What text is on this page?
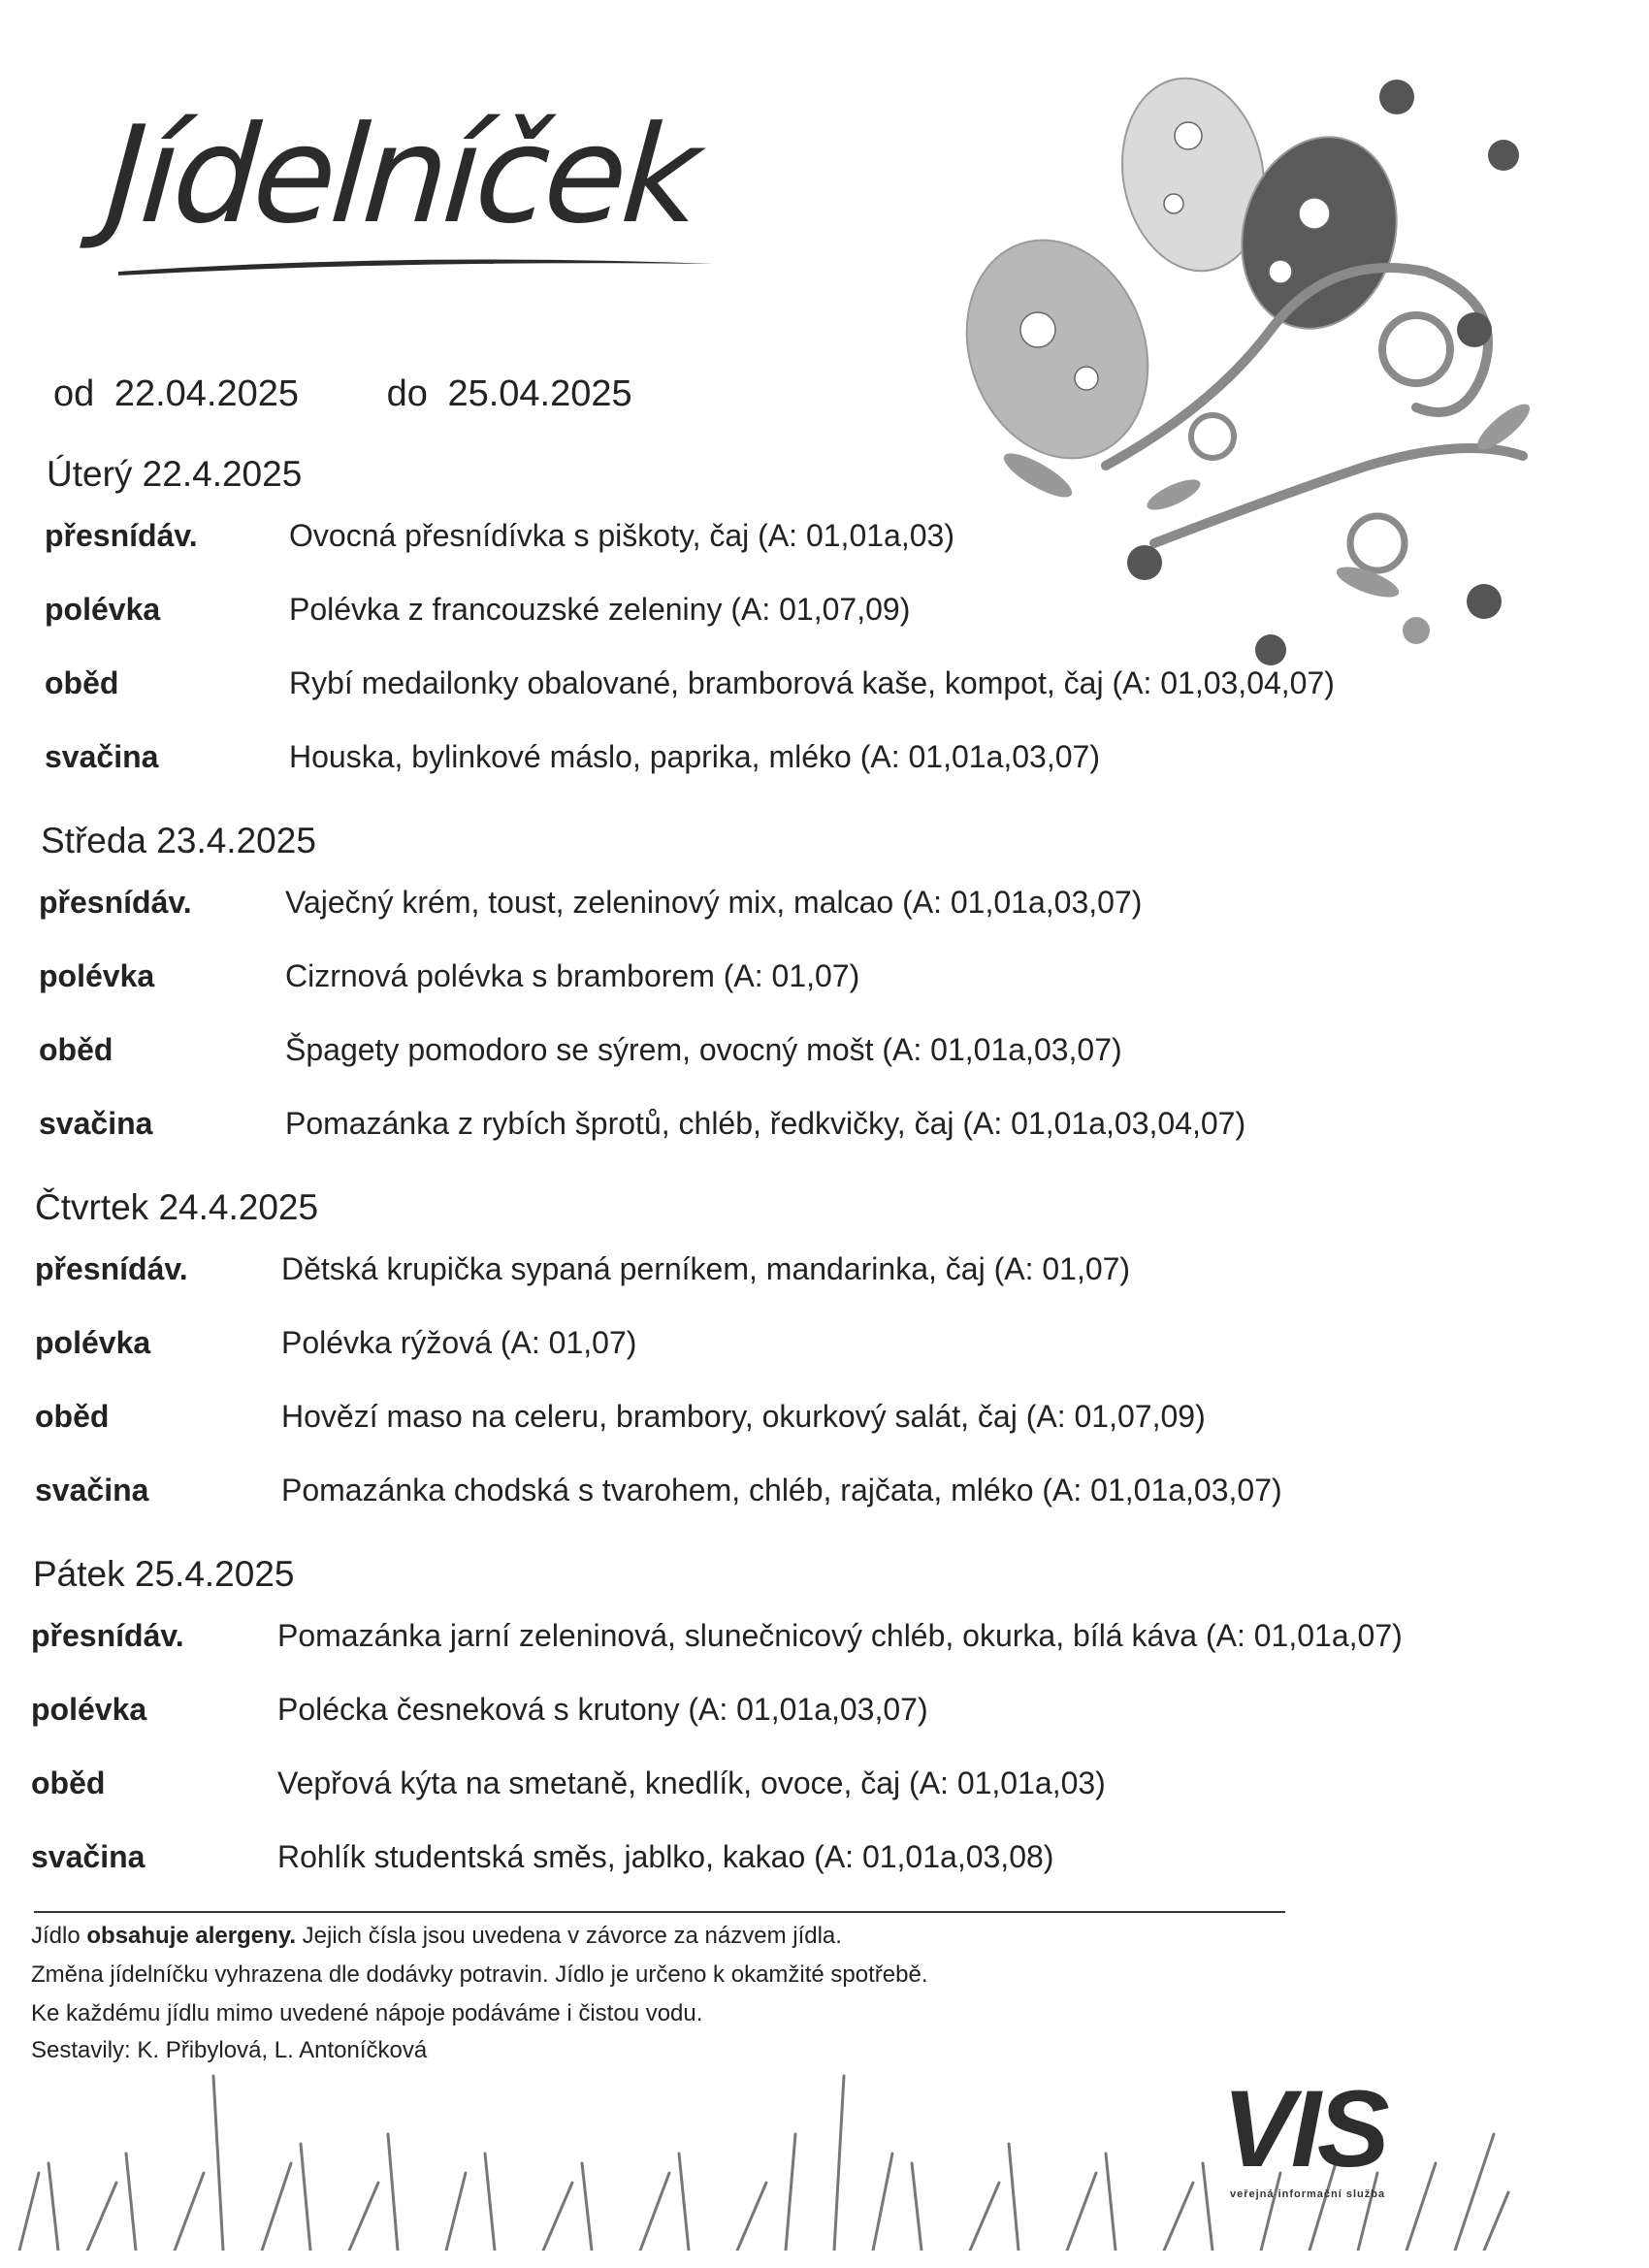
Jídelníček
od 22.04.2025 do 25.04.2025
Úterý 22.4.2025
přesnídáv.	Ovocná přesnídívka s piškoty, čaj (A: 01,01a,03)
polévka	Polévka z francouzské zeleniny (A: 01,07,09)
oběd	Rybí medailonky obalované, bramborová kaše, kompot, čaj (A: 01,03,04,07)
svačina	Houska, bylinkové máslo, paprika, mléko (A: 01,01a,03,07)
Středa 23.4.2025
přesnídáv.	Vaječný krém, toust, zeleninový mix, malcao (A: 01,01a,03,07)
polévka	Cizrnová polévka s bramborem (A: 01,07)
oběd	Špagety pomodoro se sýrem, ovocný mošt (A: 01,01a,03,07)
svačina	Pomazánka z rybích šprotů, chléb, ředkvičky, čaj (A: 01,01a,03,04,07)
Čtvrtek 24.4.2025
přesnídáv.	Dětská krupička sypaná perníkem, mandarinka, čaj (A: 01,07)
polévka	Polévka rýžová (A: 01,07)
oběd	Hovězí maso na celeru, brambory, okurkový salát, čaj (A: 01,07,09)
svačina	Pomazánka chodská s tvarohem, chléb, rajčata, mléko (A: 01,01a,03,07)
Pátek 25.4.2025
přesnídáv.	Pomazánka jarní zeleninová, slunečnicový chléb, okurka, bílá káva (A: 01,01a,07)
polévka	Polécka česneková s krutony (A: 01,01a,03,07)
oběd	Vepřová kýta na smetaně, knedlík, ovoce, čaj (A: 01,01a,03)
svačina	Rohlík studentská směs, jablko, kakao (A: 01,01a,03,08)
Jídlo obsahuje alergeny. Jejich čísla jsou uvedena v závorce za názvem jídla.
Změna jídelníčku vyhrazena dle dodávky potravin. Jídlo je určeno k okamžité spotřebě.
Ke každému jídlu mimo uvedené nápoje podáváme i čistou vodu.
Sestavily: K. Přibylová, L. Antoníčková
VIS
veřejná informační služba
